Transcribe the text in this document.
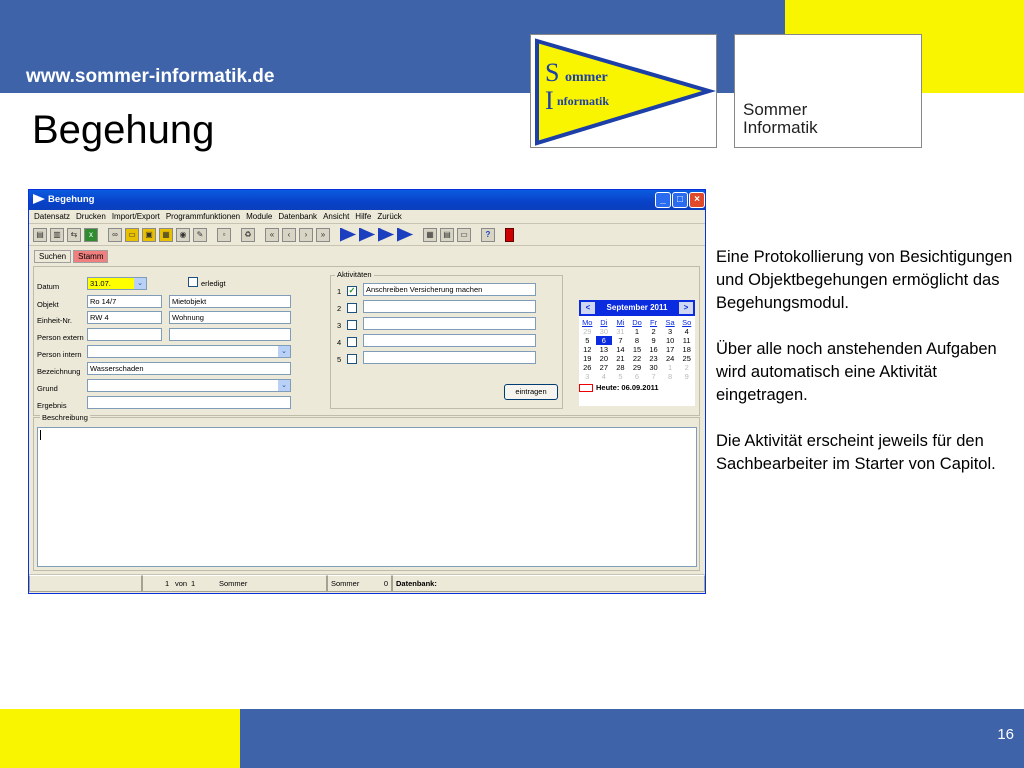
www.sommer-informatik.de
Begehung
S ommer
I nformatik	Sommer
Informatik
Begehung	_	□	×
Datensatz Drucken Import/Export Programmfunktionen Module Datenbank Ansicht Hilfe Zurück
▤	▥	⇆	x	∞	▭	▣	▦	◉	✎	▫	♻	«	‹	›	»	▦	▤	▭	?
Suchen	Stamm
Datum	31.07.	⌄	erledigt
Objekt	Ro 14/7	Mietobjekt
Einheit-Nr.	RW 4	Wohnung
Person extern
Person intern	⌄
Bezeichnung	Wasserschaden
Grund	⌄
Ergebnis
Aktivitäten
1 ✓	Anschreiben Versicherung machen
2
3
4
5
eintragen
<	September 2011	>
Mo	Di	Mi	Do	Fr	Sa So
29	30	31	1	2	3	4
5	6	7	8	9	10	11
12	13	14	15	16	17	18
19	20	21	22	23	24	25
26	27	28	29	30	1	2
3	4	5	6	7	8	9
Heute: 06.09.2011
Beschreibung
1 von 1	Sommer	Sommer	0	Datenbank:

Eine Protokollierung von Besichtigungen und Objektbegehungen ermöglicht das Begehungsmodul.

Über alle noch anstehenden Aufgaben wird automatisch eine Aktivität eingetragen.

Die Aktivität erscheint jeweils für den Sachbearbeiter im Starter von Capitol.

16
